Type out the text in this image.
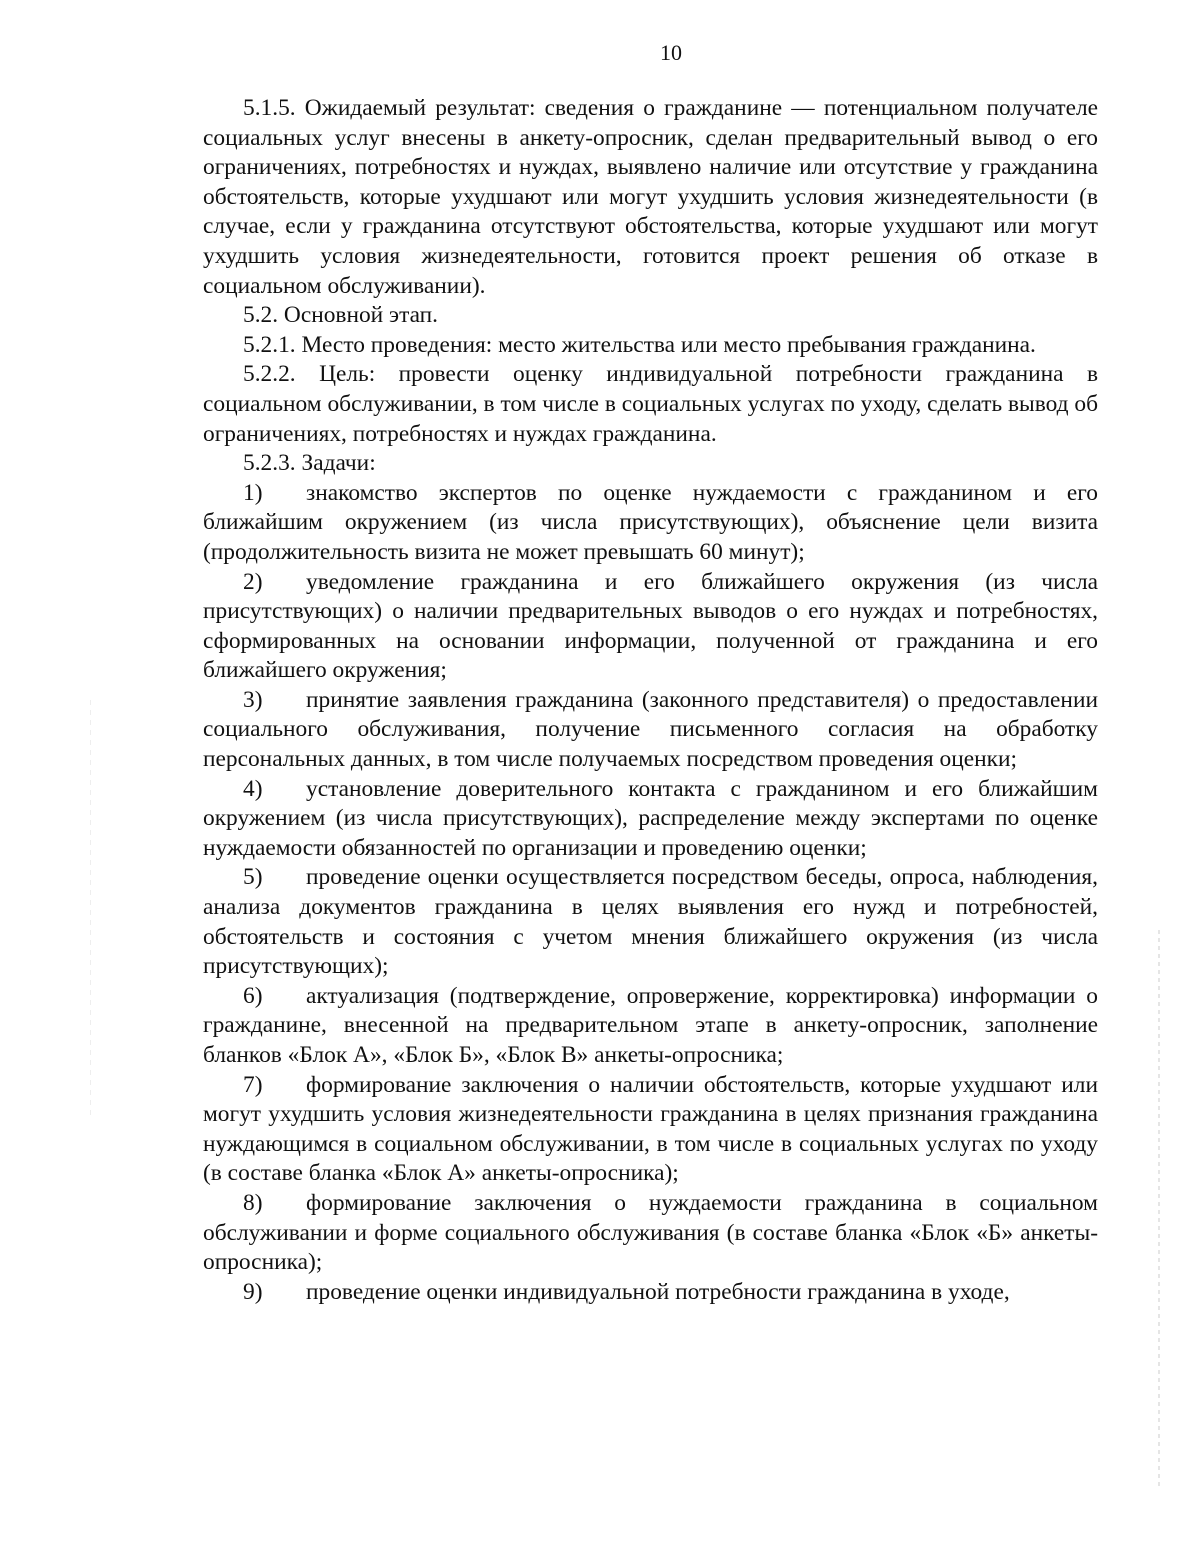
10

5.1.5. Ожидаемый результат: сведения о гражданине — потенциальном получателе социальных услуг внесены в анкету-опросник, сделан предварительный вывод о его ограничениях, потребностях и нуждах, выявлено наличие или отсутствие у гражданина обстоятельств, которые ухудшают или могут ухудшить условия жизнедеятельности (в случае, если у гражданина отсутствуют обстоятельства, которые ухудшают или могут ухудшить условия жизнедеятельности, готовится проект решения об отказе в социальном обслуживании).

5.2. Основной этап.

5.2.1. Место проведения: место жительства или место пребывания гражданина.

5.2.2. Цель: провести оценку индивидуальной потребности гражданина в социальном обслуживании, в том числе в социальных услугах по уходу, сделать вывод об ограничениях, потребностях и нуждах гражданина.

5.2.3. Задачи:

1) знакомство экспертов по оценке нуждаемости с гражданином и его ближайшим окружением (из числа присутствующих), объяснение цели визита (продолжительность визита не может превышать 60 минут);

2) уведомление гражданина и его ближайшего окружения (из числа присутствующих) о наличии предварительных выводов о его нуждах и потребностях, сформированных на основании информации, полученной от гражданина и его ближайшего окружения;

3) принятие заявления гражданина (законного представителя) о предоставлении социального обслуживания, получение письменного согласия на обработку персональных данных, в том числе получаемых посредством проведения оценки;

4) установление доверительного контакта с гражданином и его ближайшим окружением (из числа присутствующих), распределение между экспертами по оценке нуждаемости обязанностей по организации и проведению оценки;

5) проведение оценки осуществляется посредством беседы, опроса, наблюдения, анализа документов гражданина в целях выявления его нужд и потребностей, обстоятельств и состояния с учетом мнения ближайшего окружения (из числа присутствующих);

6) актуализация (подтверждение, опровержение, корректировка) информации о гражданине, внесенной на предварительном этапе в анкету-опросник, заполнение бланков «Блок А», «Блок Б», «Блок В» анкеты-опросника;

7) формирование заключения о наличии обстоятельств, которые ухудшают или могут ухудшить условия жизнедеятельности гражданина в целях признания гражданина нуждающимся в социальном обслуживании, в том числе в социальных услугах по уходу (в составе бланка «Блок А» анкеты-опросника);

8) формирование заключения о нуждаемости гражданина в социальном обслуживании и форме социального обслуживания (в составе бланка «Блок «Б» анкеты-опросника);

9) проведение оценки индивидуальной потребности гражданина в уходе,
